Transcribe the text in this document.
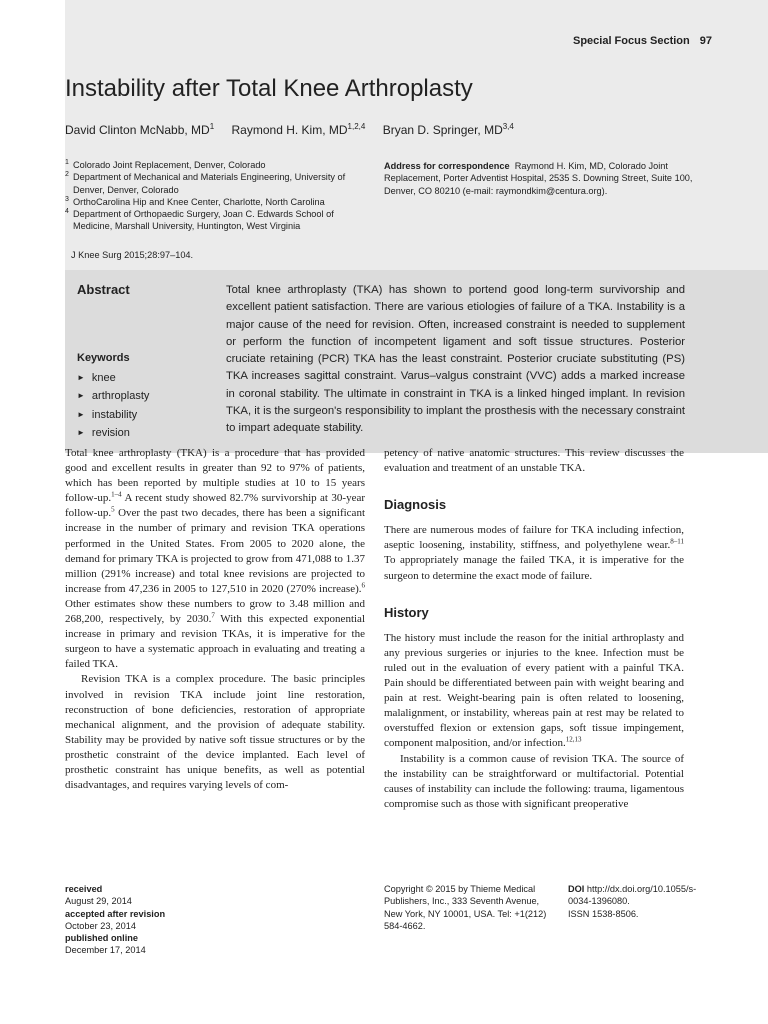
Special Focus Section 97
Instability after Total Knee Arthroplasty
David Clinton McNabb, $MD^1$ Raymond H. Kim, MD$^{1,2,4}$ Bryan D. Springer, MD$^{3,4}$
1 Colorado Joint Replacement, Denver, Colorado
2 Department of Mechanical and Materials Engineering, University of Denver, Denver, Colorado
3 OrthoCarolina Hip and Knee Center, Charlotte, North Carolina
4 Department of Orthopaedic Surgery, Joan C. Edwards School of Medicine, Marshall University, Huntington, West Virginia
Address for correspondence Raymond H. Kim, MD, Colorado Joint Replacement, Porter Adventist Hospital, 2535 S. Downing Street, Suite 100, Denver, CO 80210 (e-mail: raymondkim@centura.org).
J Knee Surg 2015;28:97–104.
Abstract
Keywords
► knee
► arthroplasty
► instability
► revision
Total knee arthroplasty (TKA) has shown to portend good long-term survivorship and excellent patient satisfaction. There are various etiologies of failure of a TKA. Instability is a major cause of the need for revision. Often, increased constraint is needed to supplement or perform the function of incompetent ligament and soft tissue structures. Posterior cruciate retaining (PCR) TKA has the least constraint. Posterior cruciate substituting (PS) TKA increases sagittal constraint. Varus–valgus constraint (VVC) adds a marked increase in coronal stability. The ultimate in constraint in TKA is a linked hinged implant. In revision TKA, it is the surgeon's responsibility to implant the prosthesis with the necessary constraint to impart adequate stability.

Total knee arthroplasty (TKA) is a procedure that has provided good and excellent results in greater than 92 to 97% of patients, which has been reported by multiple studies at 10 to 15 years follow-up.$^{1-4}$ A recent study showed 82.7% survivorship at 30-year follow-up.$^5$ Over the past two decades, there has been a significant increase in the number of primary and revision TKA operations performed in the United States. From 2005 to 2020 alone, the demand for primary TKA is projected to grow from 471,088 to 1.37 million (291% increase) and total knee revisions are projected to increase from 47,236 in 2005 to 127,510 in 2020 (270% increase).$^6$ Other estimates show these numbers to grow to 3.48 million and 268,200, respectively, by 2030.$^7$ With this expected exponential increase in primary and revision TKAs, it is imperative for the surgeon to have a systematic approach in evaluating and treating a failed TKA.

Revision TKA is a complex procedure. The basic principles involved in revision TKA include joint line restoration, reconstruction of bone deficiencies, restoration of appropriate mechanical alignment, and the provision of adequate stability. Stability may be provided by native soft tissue structures or by the prosthetic constraint of the device implanted. Each level of prosthetic constraint has unique benefits, as well as potential disadvantages, and requires varying levels of com-

petency of native anatomic structures. This review discusses the evaluation and treatment of an unstable TKA.

Diagnosis

There are numerous modes of failure for TKA including infection, aseptic loosening, instability, stiffness, and polyethylene wear.$^{8-11}$ To appropriately manage the failed TKA, it is imperative for the surgeon to determine the exact mode of failure.

History

The history must include the reason for the initial arthroplasty and any previous surgeries or injuries to the knee. Infection must be ruled out in the evaluation of every patient with a painful TKA. Pain should be differentiated between pain with weight bearing and pain at rest. Weight-bearing pain is often related to loosening, malalignment, or instability, whereas pain at rest may be related to overstuffed flexion or extension gaps, soft tissue impingement, component malposition, and/or infection.$^{12,13}$

Instability is a common cause of revision TKA. The source of the instability can be straightforward or multifactorial. Potential causes of instability can include the following: trauma, ligamentous compromise such as those with significant preoperative

received
August 29, 2014
accepted after revision
October 23, 2014
published online
December 17, 2014
Copyright © 2015 by Thieme Medical Publishers, Inc., 333 Seventh Avenue, New York, NY 10001, USA. Tel: +1(212) 584-4662.
DOI http://dx.doi.org/10.1055/s-0034-1396080.
ISSN 1538-8506.
